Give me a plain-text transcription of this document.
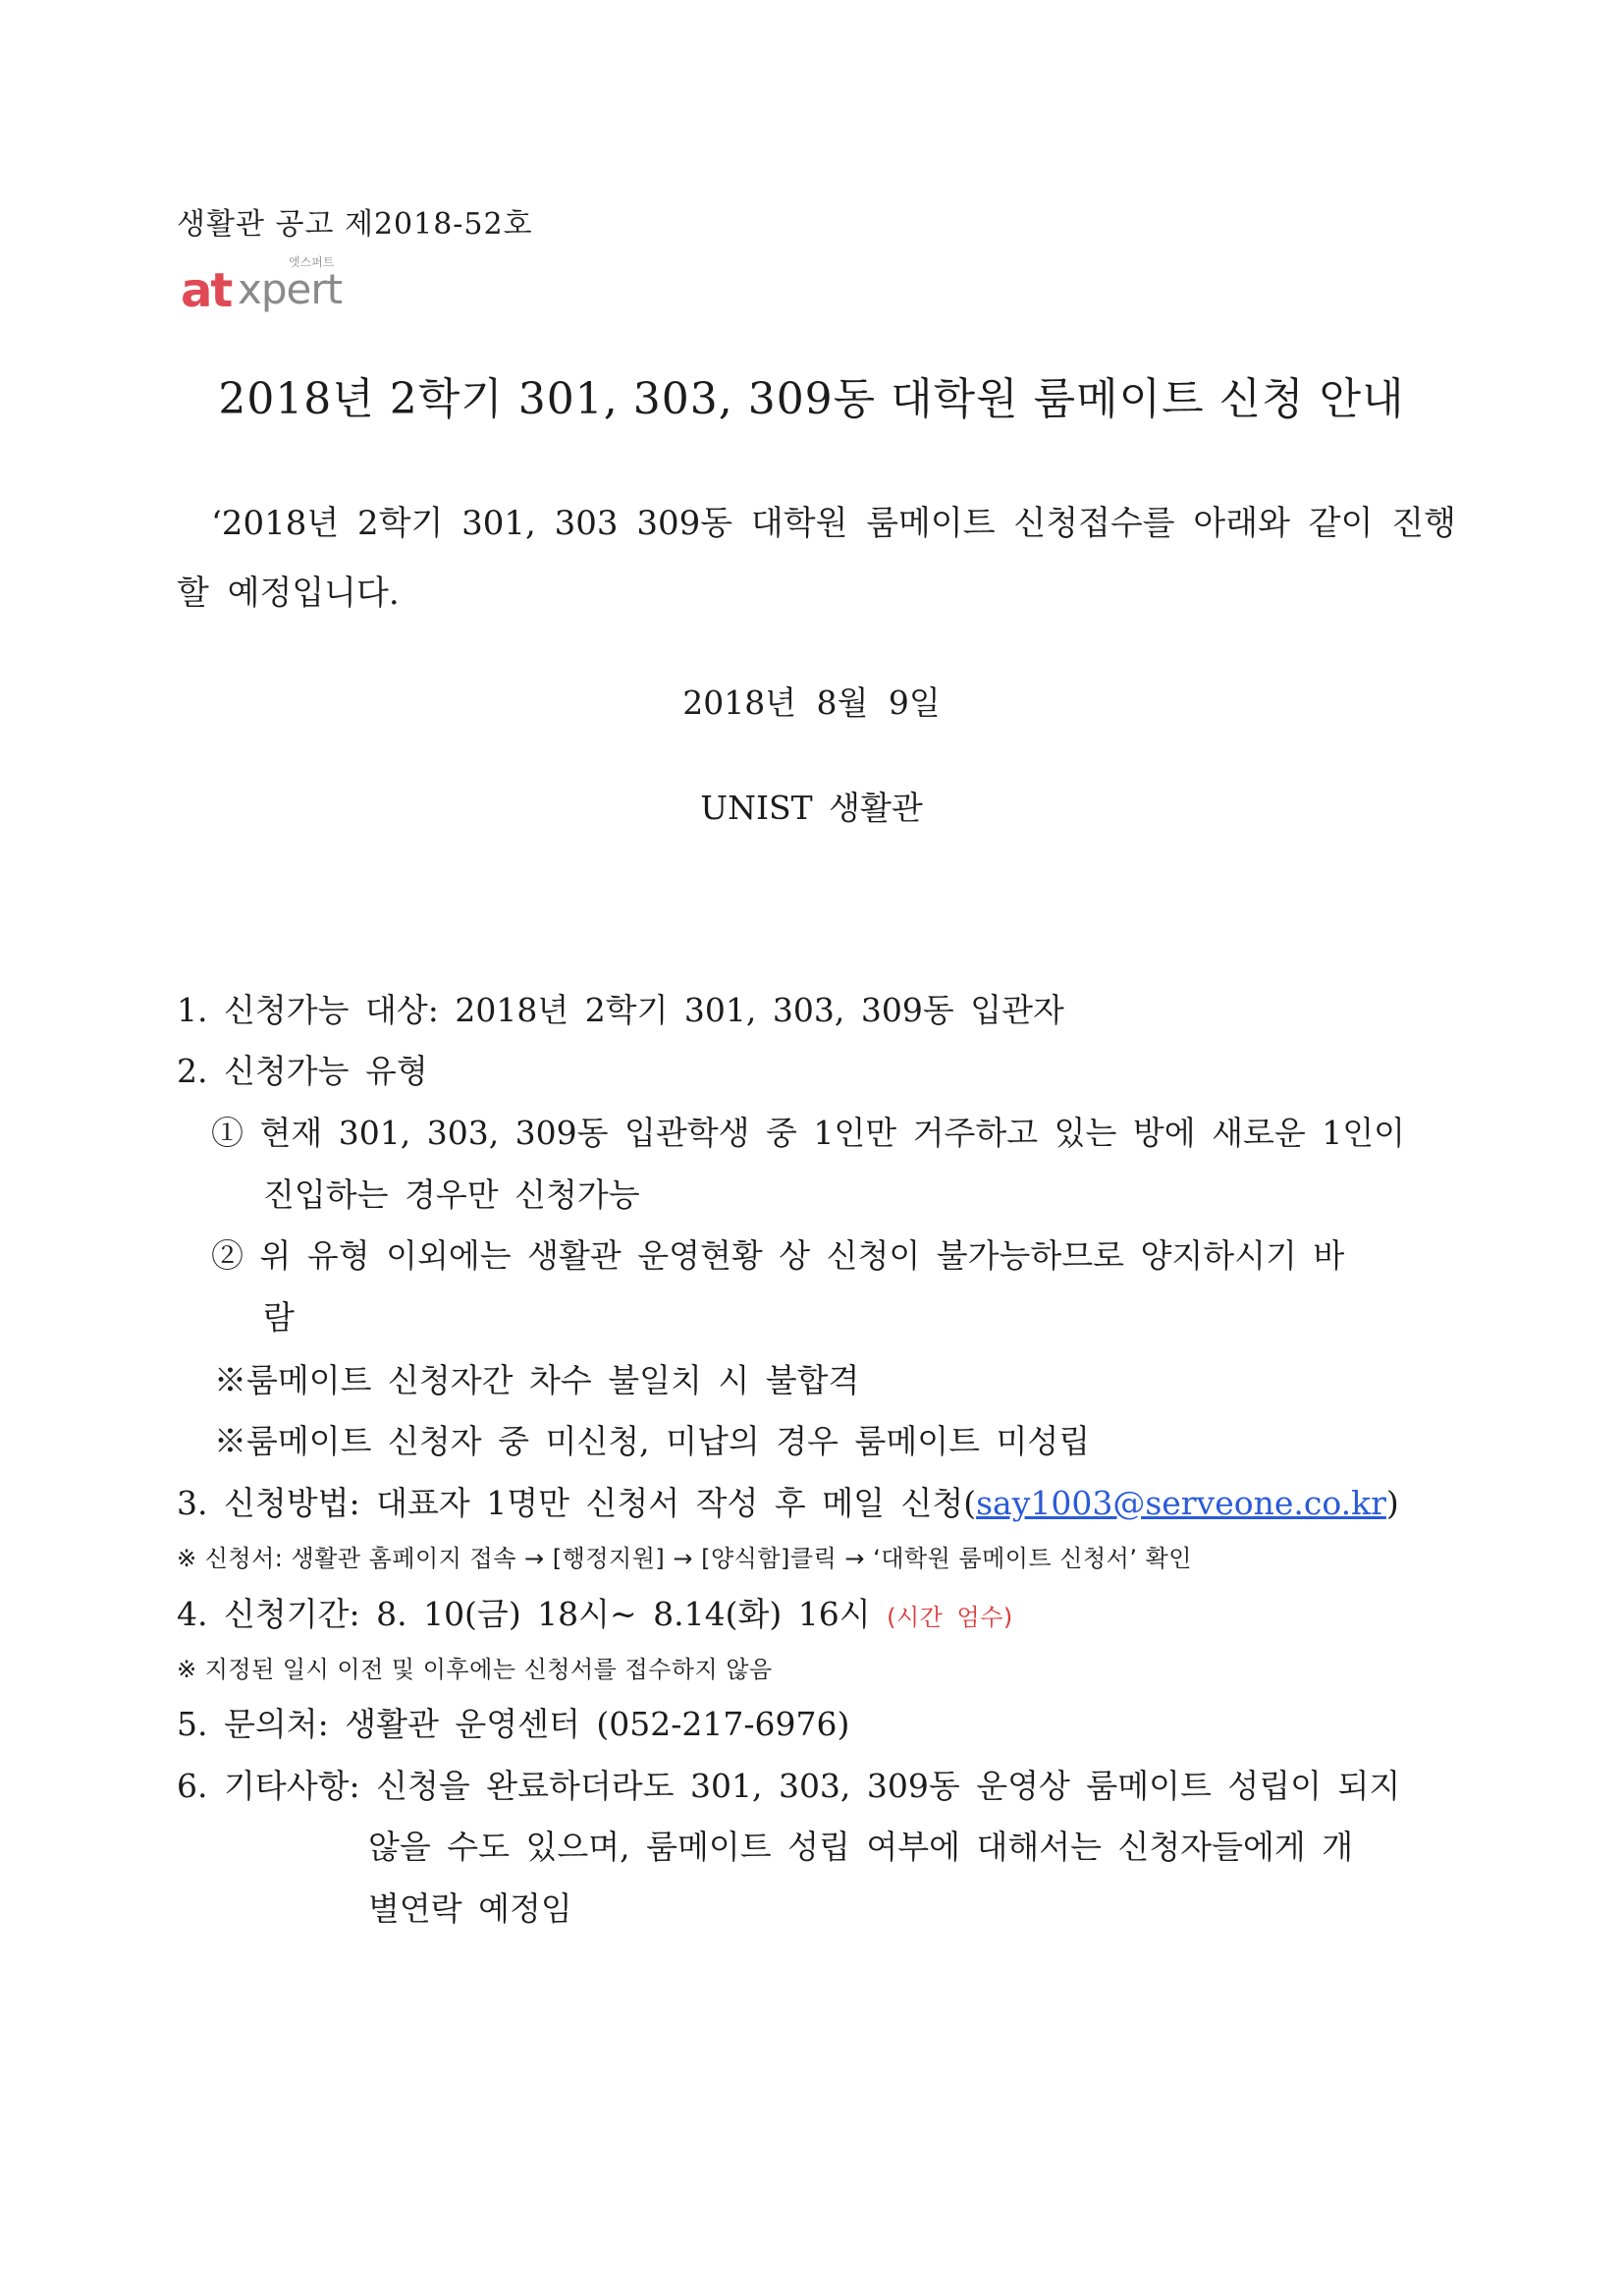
생활관 공고 제2018-52호
at xpert
엣스퍼트
2018년 2학기 301, 303, 309동 대학원 룸메이트 신청 안내
‘2018년 2학기 301, 303 309동 대학원 룸메이트 신청접수를 아래와 같이 진행
할 예정입니다.
2018년 8월 9일
UNIST 생활관
1. 신청가능 대상: 2018년 2학기 301, 303, 309동 입관자
2. 신청가능 유형
① 현재 301, 303, 309동 입관학생 중 1인만 거주하고 있는 방에 새로운 1인이
진입하는 경우만 신청가능
② 위 유형 이외에는 생활관 운영현황 상 신청이 불가능하므로 양지하시기 바
람
※룸메이트 신청자간 차수 불일치 시 불합격
※룸메이트 신청자 중 미신청, 미납의 경우 룸메이트 미성립
3. 신청방법: 대표자 1명만 신청서 작성 후 메일 신청(say1003@serveone.co.kr)
※ 신청서: 생활관 홈페이지 접속 → [행정지원] → [양식함]클릭 → ‘대학원 룸메이트 신청서’ 확인
4. 신청기간: 8. 10(금) 18시~ 8.14(화) 16시 (시간 엄수)
※ 지정된 일시 이전 및 이후에는 신청서를 접수하지 않음
5. 문의처: 생활관 운영센터 (052-217-6976)
6. 기타사항: 신청을 완료하더라도 301, 303, 309동 운영상 룸메이트 성립이 되지
않을 수도 있으며, 룸메이트 성립 여부에 대해서는 신청자들에게 개
별연락 예정임
